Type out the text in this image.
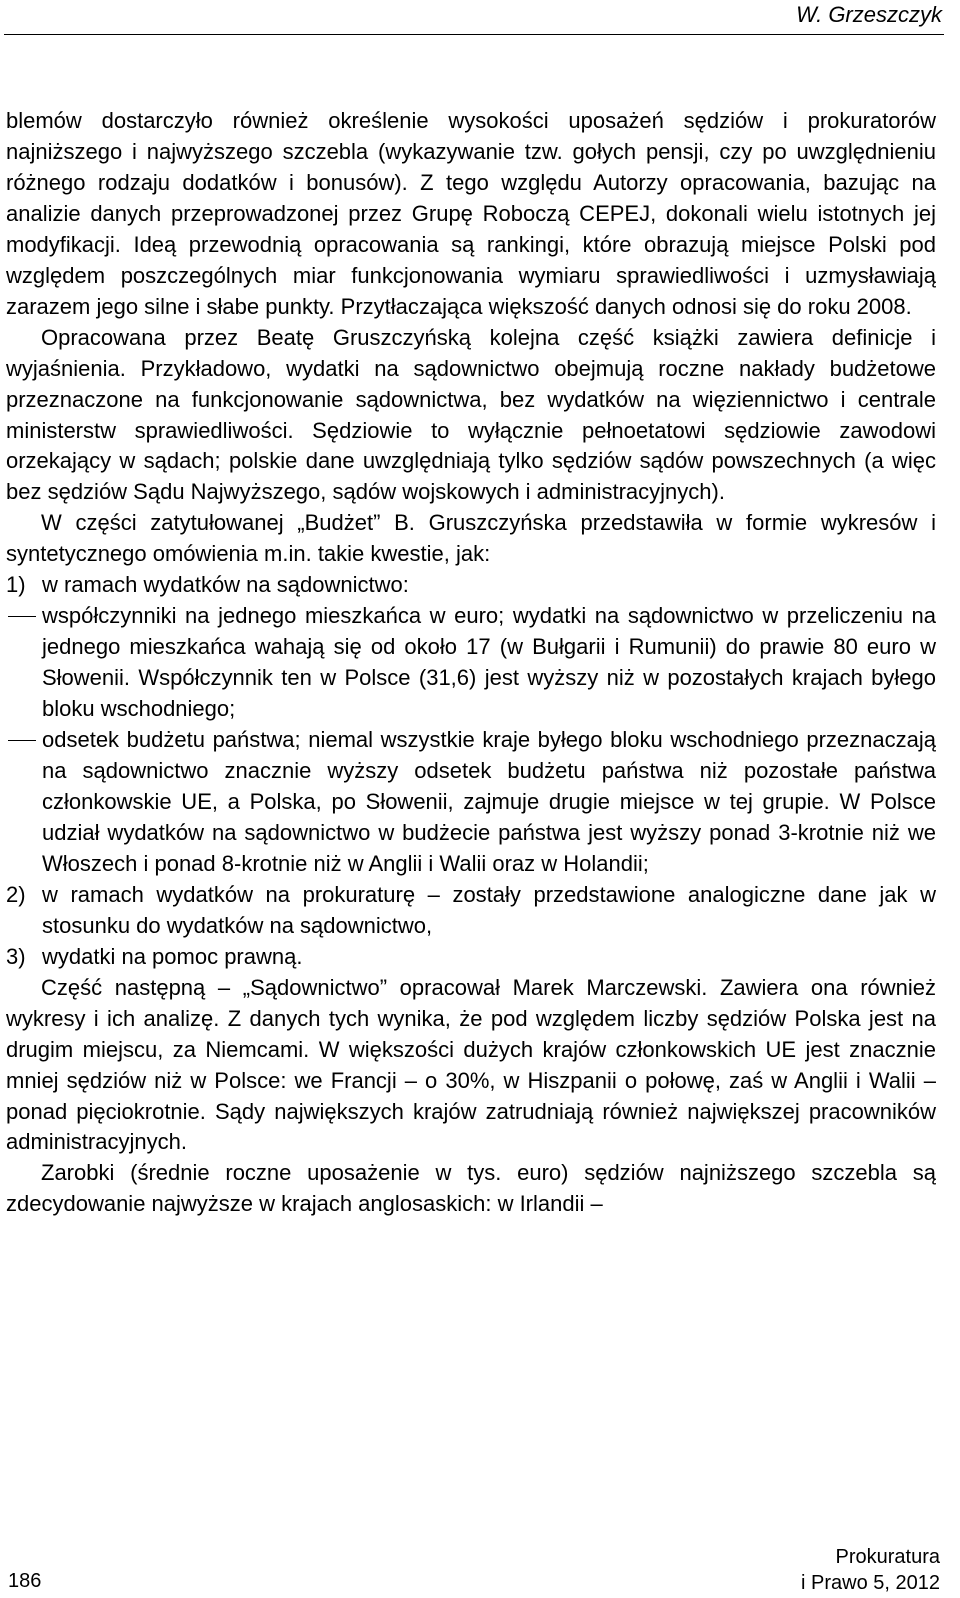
W. Grzeszczyk

blemów dostarczyło również określenie wysokości uposażeń sędziów i prokuratorów najniższego i najwyższego szczebla (wykazywanie tzw. gołych pensji, czy po uwzględnieniu różnego rodzaju dodatków i bonusów). Z tego względu Autorzy opracowania, bazując na analizie danych przeprowadzonej przez Grupę Roboczą CEPEJ, dokonali wielu istotnych jej modyfikacji. Ideą przewodnią opracowania są rankingi, które obrazują miejsce Polski pod względem poszczególnych miar funkcjonowania wymiaru sprawiedliwości i uzmysławiają zarazem jego silne i słabe punkty. Przytłaczająca większość danych odnosi się do roku 2008.

Opracowana przez Beatę Gruszczyńską kolejna część książki zawiera definicje i wyjaśnienia. Przykładowo, wydatki na sądownictwo obejmują roczne nakłady budżetowe przeznaczone na funkcjonowanie sądownictwa, bez wydatków na więziennictwo i centrale ministerstw sprawiedliwości. Sędziowie to wyłącznie pełnoetatowi sędziowie zawodowi orzekający w sądach; polskie dane uwzględniają tylko sędziów sądów powszechnych (a więc bez sędziów Sądu Najwyższego, sądów wojskowych i administracyjnych).

W części zatytułowanej „Budżet” B. Gruszczyńska przedstawiła w formie wykresów i syntetycznego omówienia m.in. takie kwestie, jak:

1) w ramach wydatków na sądownictwo:
współczynniki na jednego mieszkańca w euro; wydatki na sądownictwo w przeliczeniu na jednego mieszkańca wahają się od około 17 (w Bułgarii i Rumunii) do prawie 80 euro w Słowenii. Współczynnik ten w Polsce (31,6) jest wyższy niż w pozostałych krajach byłego bloku wschodniego;
odsetek budżetu państwa; niemal wszystkie kraje byłego bloku wschodniego przeznaczają na sądownictwo znacznie wyższy odsetek budżetu państwa niż pozostałe państwa członkowskie UE, a Polska, po Słowenii, zajmuje drugie miejsce w tej grupie. W Polsce udział wydatków na sądownictwo w budżecie państwa jest wyższy ponad 3-krotnie niż we Włoszech i ponad 8-krotnie niż w Anglii i Walii oraz w Holandii;
2) w ramach wydatków na prokuraturę – zostały przedstawione analogiczne dane jak w stosunku do wydatków na sądownictwo,
3) wydatki na pomoc prawną.

Część następną – „Sądownictwo” opracował Marek Marczewski. Zawiera ona również wykresy i ich analizę. Z danych tych wynika, że pod względem liczby sędziów Polska jest na drugim miejscu, za Niemcami. W większości dużych krajów członkowskich UE jest znacznie mniej sędziów niż w Polsce: we Francji – o 30%, w Hiszpanii o połowę, zaś w Anglii i Walii – ponad pięciokrotnie. Sądy największych krajów zatrudniają również największej pracowników administracyjnych.

Zarobki (średnie roczne uposażenie w tys. euro) sędziów najniższego szczebla są zdecydowanie najwyższe w krajach anglosaskich: w Irlandii –

186
Prokuratura
i Prawo 5, 2012
